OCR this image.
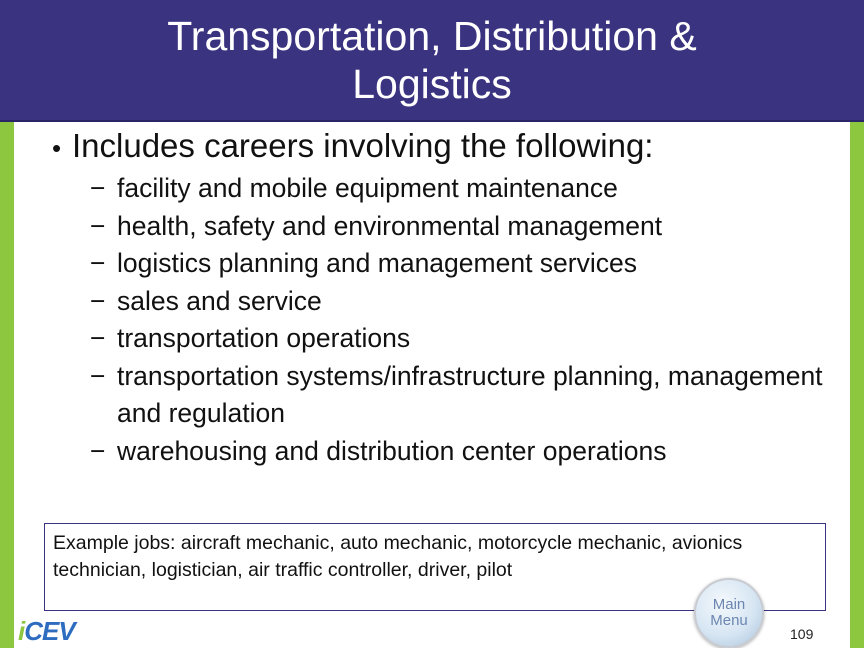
Transportation, Distribution &
Logistics
• Includes careers involving the following:
− facility and mobile equipment maintenance
− health, safety and environmental management
− logistics planning and management services
− sales and service
− transportation operations
− transportation systems/infrastructure planning, management and regulation
− warehousing and distribution center operations
Example jobs: aircraft mechanic, auto mechanic, motorcycle mechanic, avionics technician, logistician, air traffic controller, driver, pilot
i CEV
Main
Menu
109
